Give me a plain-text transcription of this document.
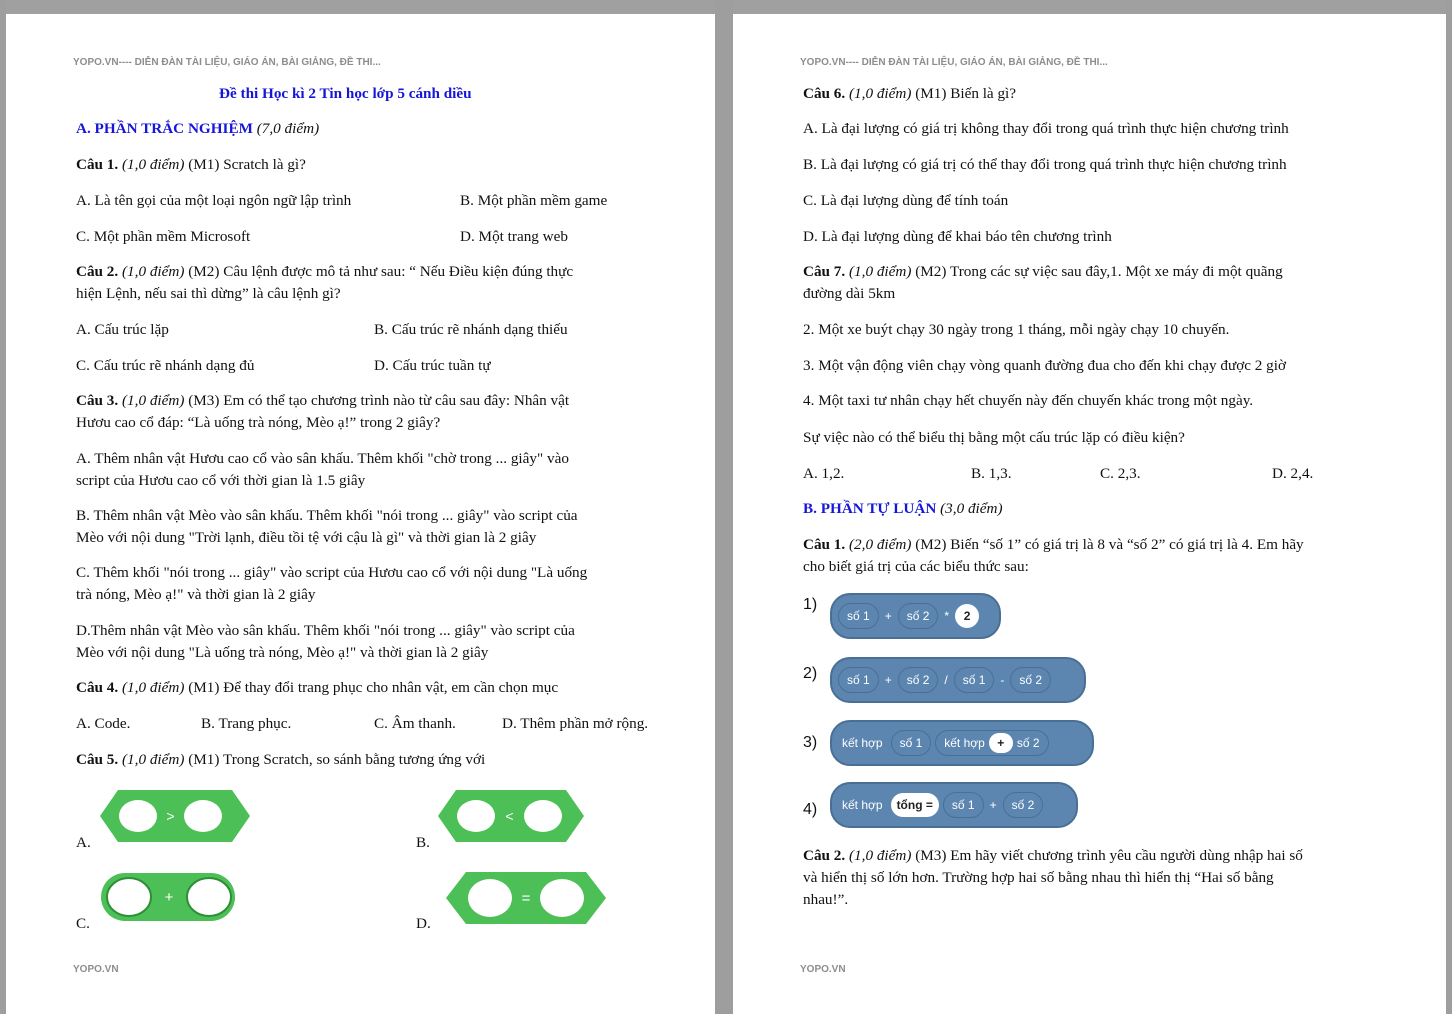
YOPO.VN---- DIỄN ĐÀN TÀI LIỆU, GIÁO ÁN, BÀI GIẢNG, ĐỀ THI...
Đề thi Học kì 2 Tin học lớp 5 cánh diều
A. PHẦN TRẮC NGHIỆM (7,0 điểm)
Câu 1. (1,0 điểm) (M1) Scratch là gì?
A. Là tên gọi của một loại ngôn ngữ lập trình	B. Một phần mềm game
C. Một phần mềm Microsoft	D. Một trang web
Câu 2. (1,0 điểm) (M2) Câu lệnh được mô tả như sau: “ Nếu Điều kiện đúng thực
hiện Lệnh, nếu sai thì dừng” là câu lệnh gì?
A. Cấu trúc lặp	B. Cấu trúc rẽ nhánh dạng thiếu
C. Cấu trúc rẽ nhánh dạng đủ	D. Cấu trúc tuần tự
Câu 3. (1,0 điểm) (M3) Em có thể tạo chương trình nào từ câu sau đây: Nhân vật
Hươu cao cổ đáp: “Là uống trà nóng, Mèo ạ!” trong 2 giây?
A. Thêm nhân vật Hươu cao cổ vào sân khấu. Thêm khối "chờ trong ... giây" vào
script của Hươu cao cổ với thời gian là 1.5 giây
B. Thêm nhân vật Mèo vào sân khấu. Thêm khối "nói trong ... giây" vào script của
Mèo với nội dung "Trời lạnh, điều tồi tệ với cậu là gì" và thời gian là 2 giây
C. Thêm khối "nói trong ... giây" vào script của Hươu cao cổ với nội dung "Là uống
trà nóng, Mèo ạ!" và thời gian là 2 giây
D.Thêm nhân vật Mèo vào sân khấu. Thêm khối "nói trong ... giây" vào script của
Mèo với nội dung "Là uống trà nóng, Mèo ạ!" và thời gian là 2 giây
Câu 4. (1,0 điểm) (M1) Để thay đổi trang phục cho nhân vật, em cần chọn mục
A. Code.	B. Trang phục.	C. Âm thanh.	D. Thêm phần mở rộng.
Câu 5. (1,0 điểm) (M1) Trong Scratch, so sánh bằng tương ứng với
A.
>
B.
<
C.
+
D.
=
YOPO.VN
YOPO.VN---- DIỄN ĐÀN TÀI LIỆU, GIÁO ÁN, BÀI GIẢNG, ĐỀ THI...
Câu 6. (1,0 điểm) (M1) Biến là gì?
A. Là đại lượng có giá trị không thay đổi trong quá trình thực hiện chương trình
B. Là đại lượng có giá trị có thể thay đổi trong quá trình thực hiện chương trình
C. Là đại lượng dùng để tính toán
D. Là đại lượng dùng để khai báo tên chương trình
Câu 7. (1,0 điểm) (M2) Trong các sự việc sau đây,1. Một xe máy đi một quãng
đường dài 5km
2. Một xe buýt chạy 30 ngày trong 1 tháng, mỗi ngày chạy 10 chuyến.
3. Một vận động viên chạy vòng quanh đường đua cho đến khi chạy được 2 giờ
4. Một taxi tư nhân chạy hết chuyến này đến chuyến khác trong một ngày.
Sự việc nào có thể biểu thị bằng một cấu trúc lặp có điều kiện?
A. 1,2.	B. 1,3.	C. 2,3.	D. 2,4.
B. PHẦN TỰ LUẬN (3,0 điểm)
Câu 1. (2,0 điểm) (M2) Biến “số 1” có giá trị là 8 và “số 2” có giá trị là 4. Em hãy
cho biết giá trị của các biểu thức sau:
1)
số 1	+	số 2	*	2
2)	số 1	+	số 2	/	số 1	-	số 2
3)	kết hợp	số 1	kết hợp	+	số 2
4)	kết hợp	tổng =	số 1	+	số 2
Câu 2. (1,0 điểm) (M3) Em hãy viết chương trình yêu cầu người dùng nhập hai số
và hiển thị số lớn hơn. Trường hợp hai số bằng nhau thì hiển thị “Hai số bằng
nhau!”.
YOPO.VN
